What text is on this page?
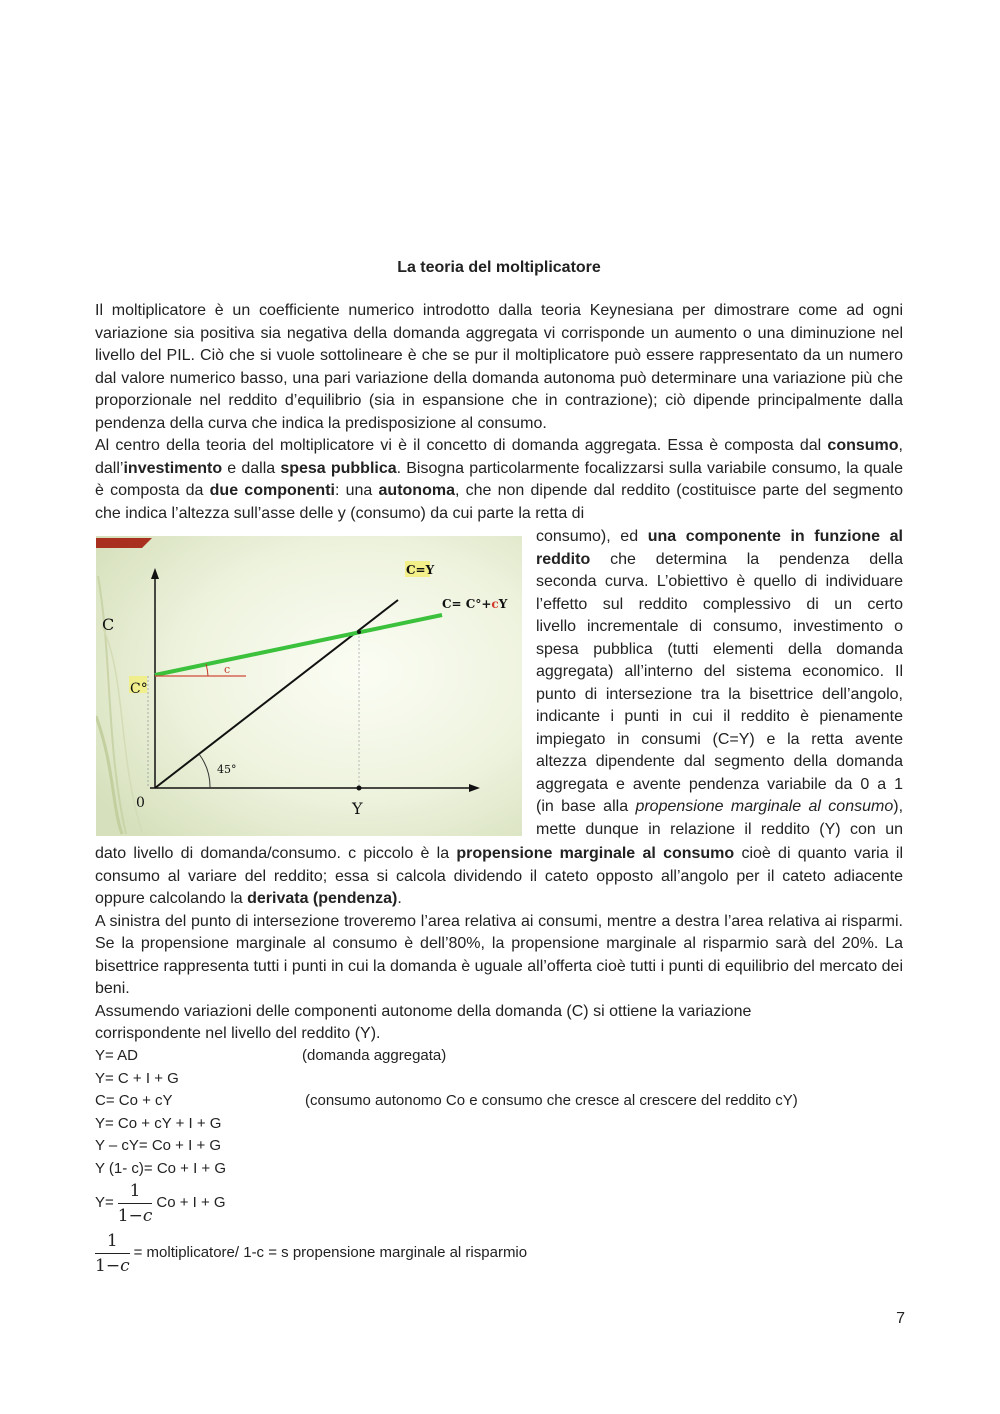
La teoria del moltiplicatore

Il moltiplicatore è un coefficiente numerico introdotto dalla teoria Keynesiana per dimostrare come ad ogni variazione sia positiva sia negativa della domanda aggregata vi corrisponde un aumento o una diminuzione nel livello del PIL. Ciò che si vuole sottolineare è che se pur il moltiplicatore può essere rappresentato da un numero dal valore numerico basso, una pari variazione della domanda autonoma può determinare una variazione più che proporzionale nel reddito d’equilibrio (sia in espansione che in contrazione); ciò dipende principalmente dalla pendenza della curva che indica la predisposizione al consumo.

Al centro della teoria del moltiplicatore vi è il concetto di domanda aggregata. Essa è composta dal consumo, dall’investimento e dalla spesa pubblica. Bisogna particolarmente focalizzarsi sulla variabile consumo, la quale è composta da due componenti: una autonoma, che non dipende dal reddito (costituisce parte del segmento che indica l’altezza sull’asse delle y (consumo) da cui parte la retta di

C
C°
0	Y
45°
c
C=Y
C= C°+cY

consumo), ed una componente in funzione al

reddito che determina la pendenza della

seconda curva. L’obiettivo è quello di individuare

l’effetto sul reddito complessivo di un certo

livello incrementale di consumo, investimento o

spesa pubblica (tutti elementi della domanda

aggregata) all’interno del sistema economico. Il

punto di intersezione tra la bisettrice dell’angolo,

indicante i punti in cui il reddito è pienamente

impiegato in consumi (C=Y) e la retta avente

altezza dipendente dal segmento della domanda

aggregata e avente pendenza variabile da 0 a 1

(in base alla propensione marginale al consumo),

mette dunque in relazione il reddito (Y) con un

dato livello di domanda/consumo. c piccolo è la propensione marginale al consumo cioè di quanto varia il consumo al variare del reddito; essa si calcola dividendo il cateto opposto all’angolo per il cateto adiacente oppure calcolando la derivata (pendenza).

A sinistra del punto di intersezione troveremo l’area relativa ai consumi, mentre a destra l’area relativa ai risparmi. Se la propensione marginale al consumo è dell’80%, la propensione marginale al risparmio sarà del 20%. La bisettrice rappresenta tutti i punti in cui la domanda è uguale all’offerta cioè tutti i punti di equilibrio del mercato dei beni.

Assumendo variazioni delle componenti autonome della domanda (C) si ottiene la variazione corrispondente nel livello del reddito (Y).

Y= AD	(domanda aggregata)
Y= C + I + G
C= Co + cY	(consumo autonomo Co e consumo che cresce al crescere del reddito cY)
Y= Co + cY + I + G
Y – cY= Co + I + G
Y (1- c)= Co + I + G
$Y= \frac{1}{1-c}$ Co + I + G
$\frac{1}{1-c}$ = moltiplicatore/ 1-c = s propensione marginale al risparmio
7
